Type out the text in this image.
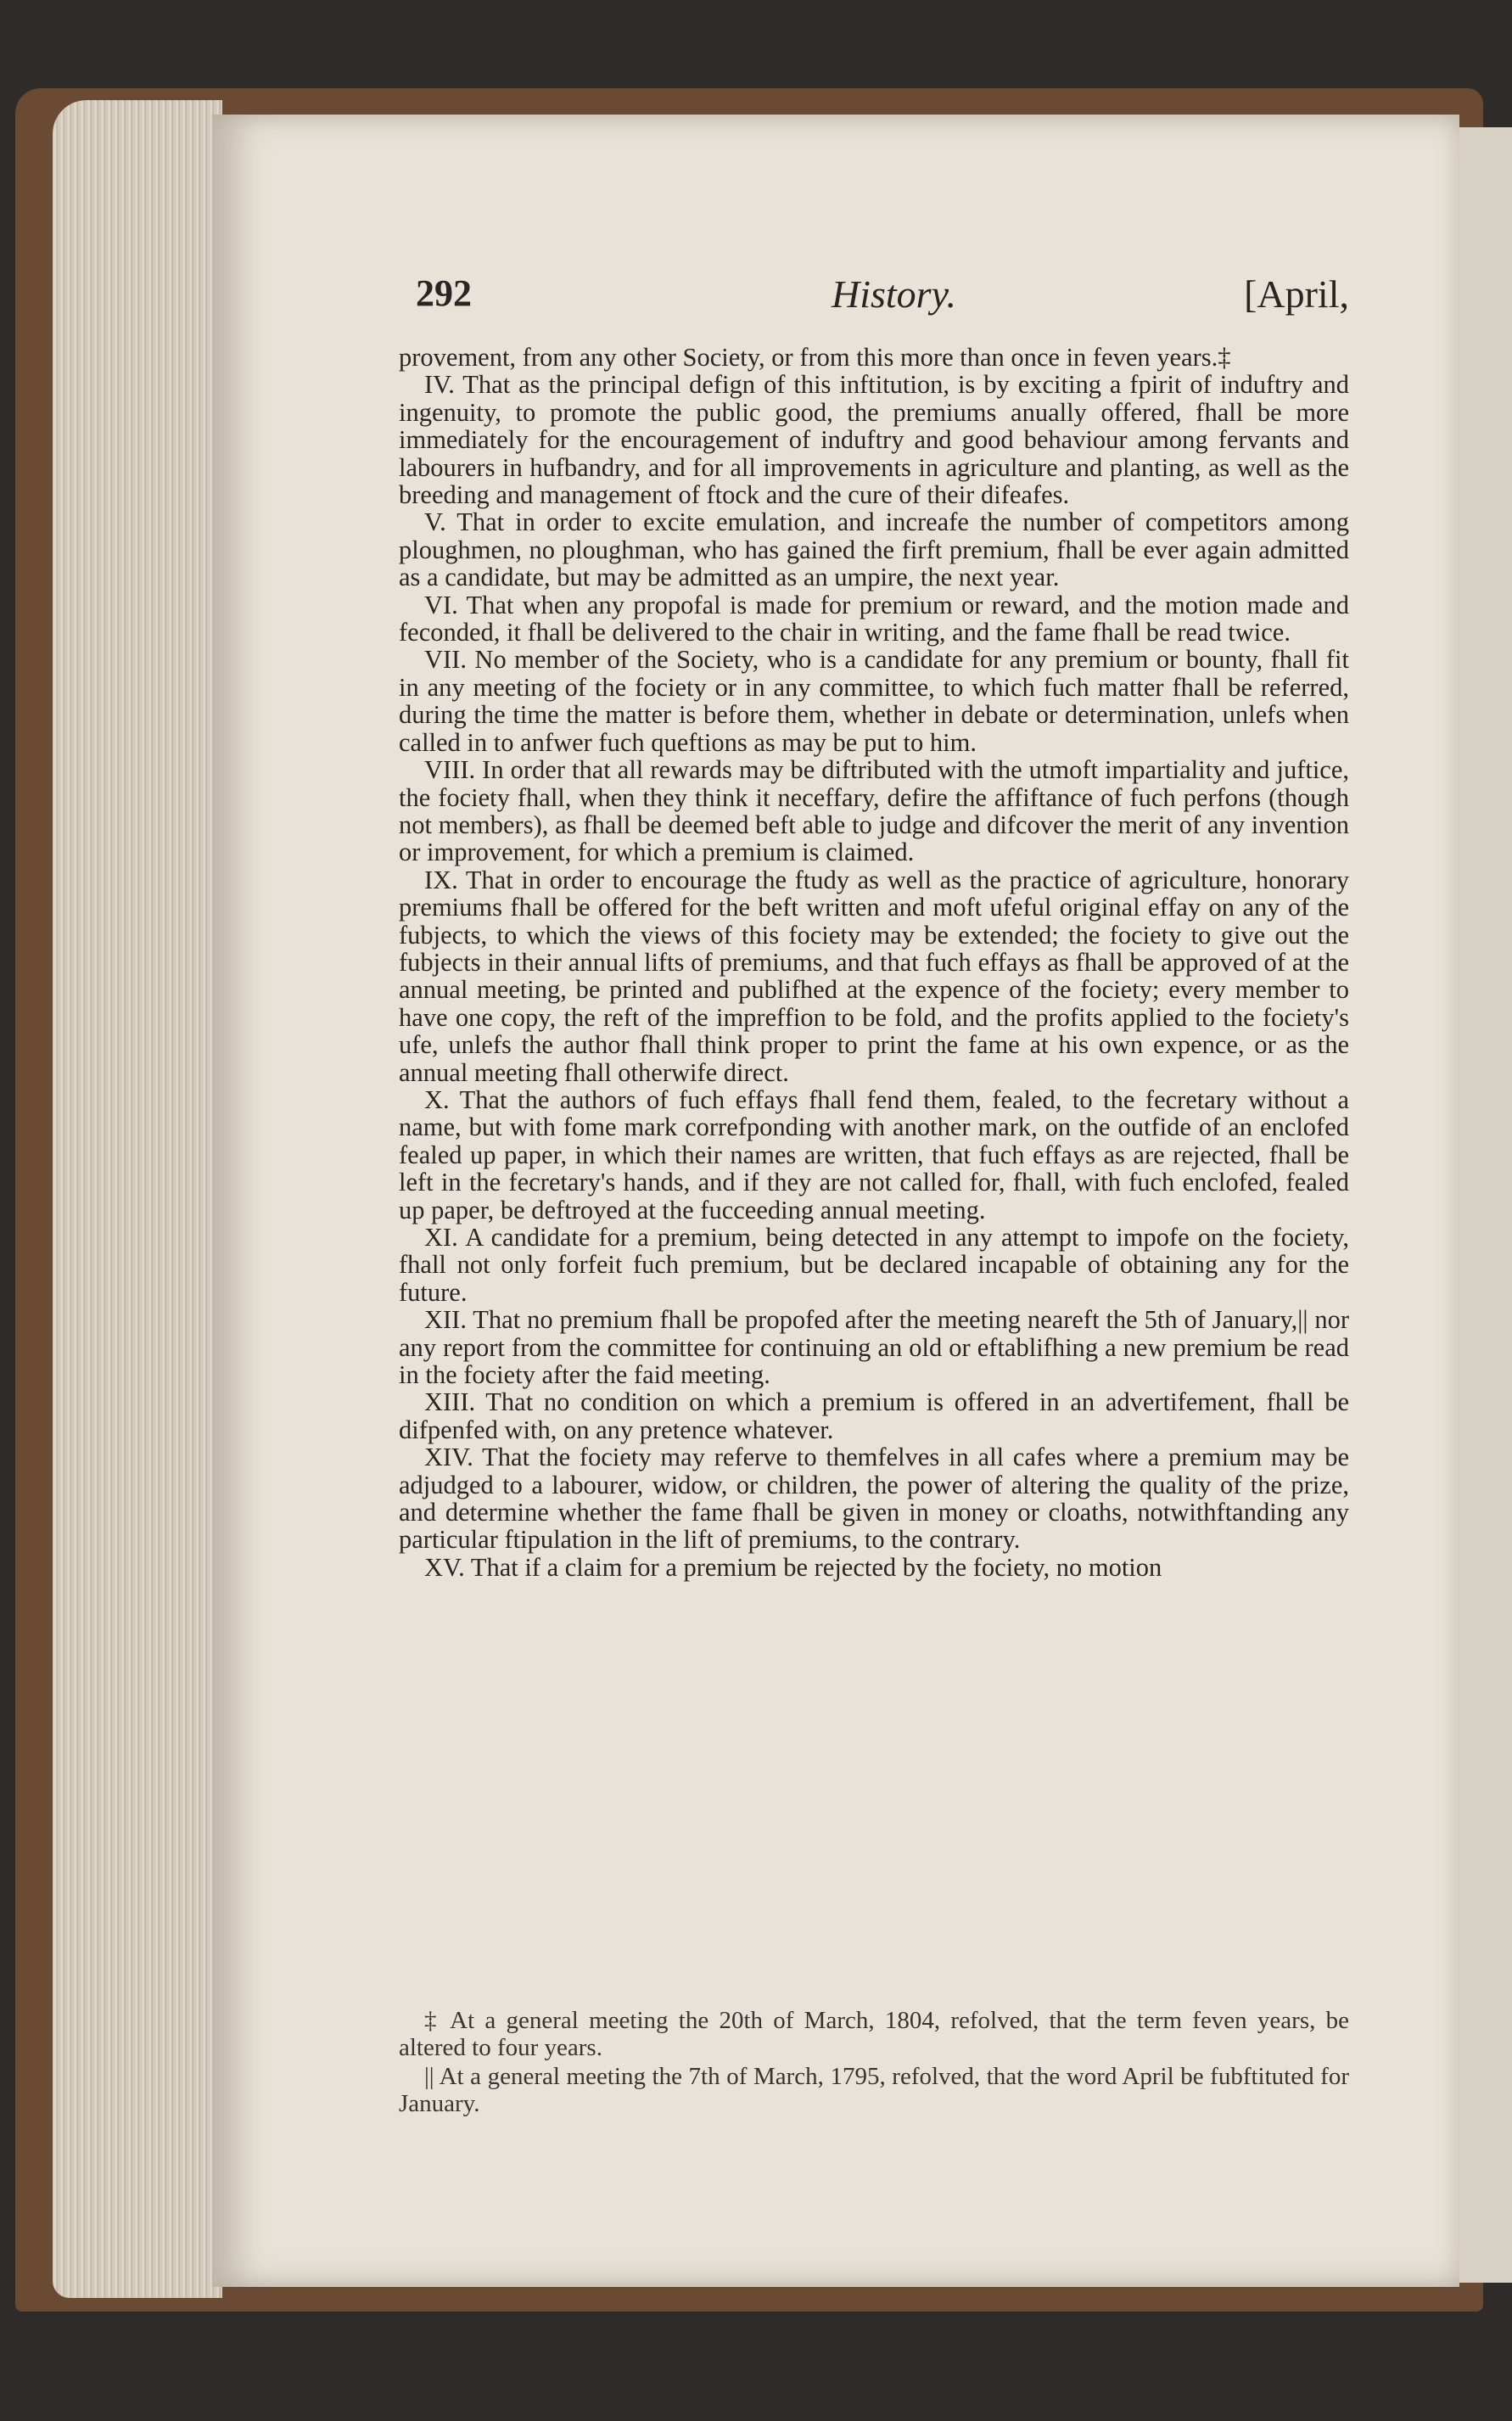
292	History.	[April,

provement, from any other Society, or from this more than once in feven years.‡

IV. That as the principal defign of this inftitution, is by exciting a fpirit of induftry and ingenuity, to promote the public good, the premiums anually offered, fhall be more immediately for the encouragement of induftry and good behaviour among fervants and labourers in hufbandry, and for all improvements in agriculture and planting, as well as the breeding and management of ftock and the cure of their difeafes.

V. That in order to excite emulation, and increafe the number of competitors among ploughmen, no ploughman, who has gained the firft premium, fhall be ever again admitted as a candidate, but may be admitted as an umpire, the next year.

VI. That when any propofal is made for premium or reward, and the motion made and feconded, it fhall be delivered to the chair in writing, and the fame fhall be read twice.

VII. No member of the Society, who is a candidate for any premium or bounty, fhall fit in any meeting of the fociety or in any committee, to which fuch matter fhall be referred, during the time the matter is before them, whether in debate or determination, unlefs when called in to anfwer fuch queftions as may be put to him.

VIII. In order that all rewards may be diftributed with the utmoft impartiality and juftice, the fociety fhall, when they think it neceffary, defire the affiftance of fuch perfons (though not members), as fhall be deemed beft able to judge and difcover the merit of any invention or improvement, for which a premium is claimed.

IX. That in order to encourage the ftudy as well as the practice of agriculture, honorary premiums fhall be offered for the beft written and moft ufeful original effay on any of the fubjects, to which the views of this fociety may be extended; the fociety to give out the fubjects in their annual lifts of premiums, and that fuch effays as fhall be approved of at the annual meeting, be printed and publifhed at the expence of the fociety; every member to have one copy, the reft of the impreffion to be fold, and the profits applied to the fociety's ufe, unlefs the author fhall think proper to print the fame at his own expence, or as the annual meeting fhall otherwife direct.

X. That the authors of fuch effays fhall fend them, fealed, to the fecretary without a name, but with fome mark correfponding with another mark, on the outfide of an enclofed fealed up paper, in which their names are written, that fuch effays as are rejected, fhall be left in the fecretary's hands, and if they are not called for, fhall, with fuch enclofed, fealed up paper, be deftroyed at the fucceeding annual meeting.

XI. A candidate for a premium, being detected in any attempt to impofe on the fociety, fhall not only forfeit fuch premium, but be declared incapable of obtaining any for the future.

XII. That no premium fhall be propofed after the meeting neareft the 5th of January,|| nor any report from the committee for continuing an old or eftablifhing a new premium be read in the fociety after the faid meeting.

XIII. That no condition on which a premium is offered in an advertifement, fhall be difpenfed with, on any pretence whatever.

XIV. That the fociety may referve to themfelves in all cafes where a premium may be adjudged to a labourer, widow, or children, the power of altering the quality of the prize, and determine whether the fame fhall be given in money or cloaths, notwithftanding any particular ftipulation in the lift of premiums, to the contrary.

XV. That if a claim for a premium be rejected by the fociety, no motion

‡ At a general meeting the 20th of March, 1804, refolved, that the term feven years, be altered to four years.

|| At a general meeting the 7th of March, 1795, refolved, that the word April be fubftituted for January.
